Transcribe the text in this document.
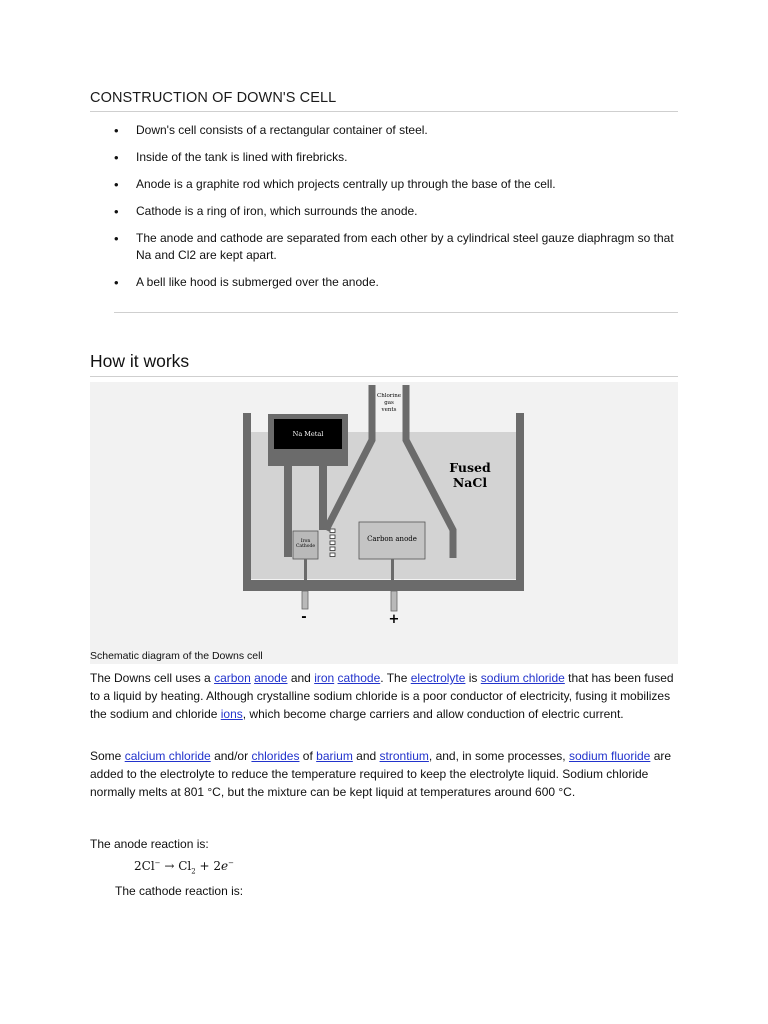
CONSTRUCTION OF DOWN'S CELL
• Down's cell consists of a rectangular container of steel.
• Inside of the tank is lined with firebricks.
• Anode is a graphite rod which projects centrally up through the base of the cell.
• Cathode is a ring of iron, which surrounds the anode.
• The anode and cathode are separated from each other by a cylindrical steel gauze diaphragm so that Na and Cl2 are kept apart.
• A bell like hood is submerged over the anode.
How it works
Na Metal
Iron
Cathode
Chlorine
gas
vents
Carbon anode
-	+
Fused
NaCl
Schematic diagram of the Downs cell

The Downs cell uses a carbon anode and iron cathode. The electrolyte is sodium chloride that has been fused to a liquid by heating. Although crystalline sodium chloride is a poor conductor of electricity, fusing it mobilizes the sodium and chloride ions, which become charge carriers and allow conduction of electric current.

Some calcium chloride and/or chlorides of barium and strontium, and, in some processes, sodium fluoride are added to the electrolyte to reduce the temperature required to keep the electrolyte liquid. Sodium chloride normally melts at 801 °C, but the mixture can be kept liquid at temperatures around 600 °C.

The anode reaction is:

$2Cl^- \to Cl_2 + 2e^-$
The cathode reaction is:
